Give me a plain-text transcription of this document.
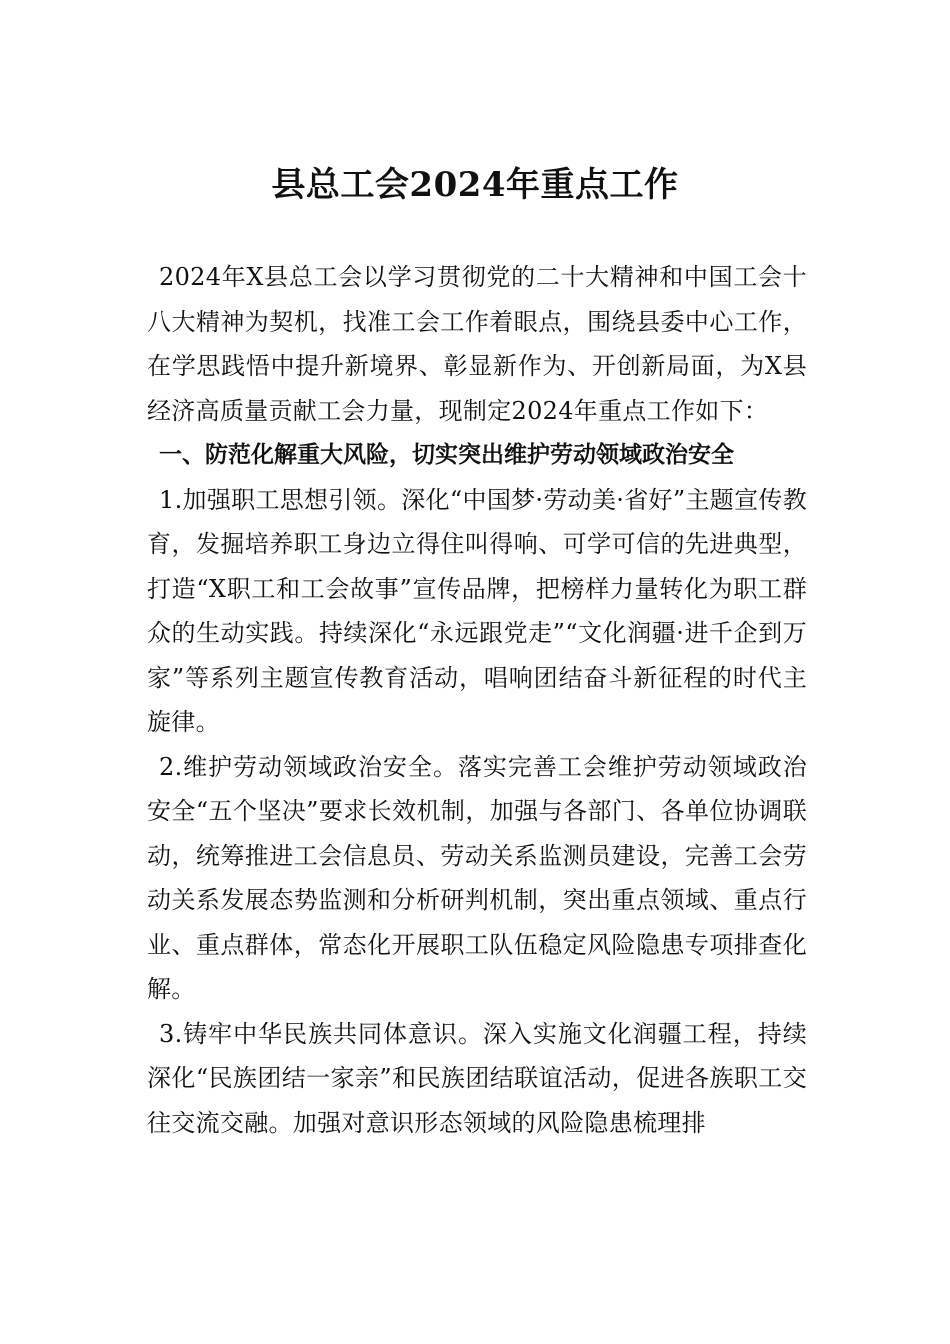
县总工会2024年重点工作

2024年X县总工会以学习贯彻党的二十大精神和中国工会十八大精神为契机，找准工会工作着眼点，围绕县委中心工作，在学思践悟中提升新境界、彰显新作为、开创新局面，为X县经济高质量贡献工会力量，现制定2024年重点工作如下：

一、防范化解重大风险，切实突出维护劳动领域政治安全

1.加强职工思想引领。深化“中国梦·劳动美·省好”主题宣传教育，发掘培养职工身边立得住叫得响、可学可信的先进典型，打造“X职工和工会故事”宣传品牌，把榜样力量转化为职工群众的生动实践。持续深化“永远跟党走”“文化润疆·进千企到万家”等系列主题宣传教育活动，唱响团结奋斗新征程的时代主旋律。

2.维护劳动领域政治安全。落实完善工会维护劳动领域政治安全“五个坚决”要求长效机制，加强与各部门、各单位协调联动，统筹推进工会信息员、劳动关系监测员建设，完善工会劳动关系发展态势监测和分析研判机制，突出重点领域、重点行业、重点群体，常态化开展职工队伍稳定风险隐患专项排查化解。

3.铸牢中华民族共同体意识。深入实施文化润疆工程，持续深化“民族团结一家亲”和民族团结联谊活动，促进各族职工交往交流交融。加强对意识形态领域的风险隐患梳理排
